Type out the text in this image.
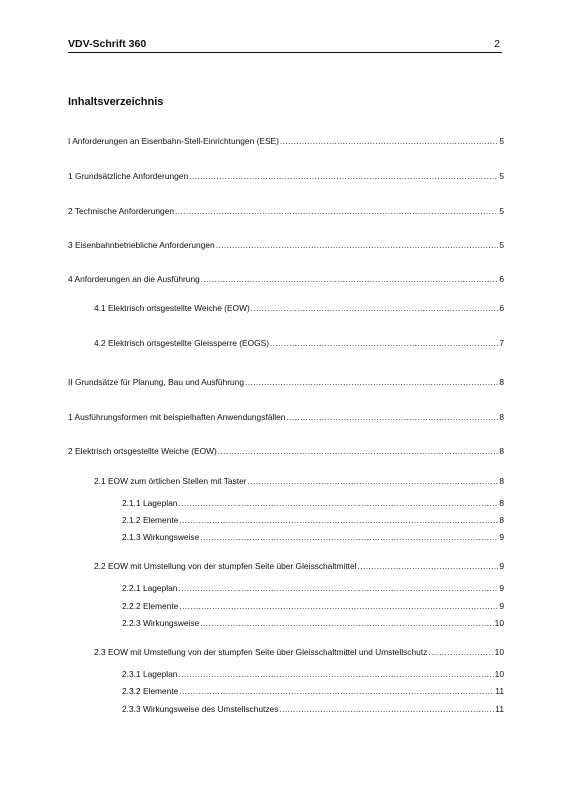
VDV-Schrift 360	2
Inhaltsverzeichnis
I Anforderungen an Eisenbahn-Stell-Einrichtungen (ESE) .....	5
1 Grundsätzliche Anforderungen .....	5
2 Technische Anforderungen .....	5
3 Eisenbahnbetriebliche Anforderungen .....	5
4 Anforderungen an die Ausführung .....	6
4.1 Elektrisch ortsgestellte Weiche (EOW) .....	6
4.2 Elektrisch ortsgestellte Gleissperre (EOGS) .....	7
II Grundsätze für Planung, Bau und Ausführung .....	8
1 Ausführungsformen mit beispielhaften Anwendungsfällen .....	8
2 Elektrisch ortsgestellte Weiche (EOW) .....	8
2.1 EOW zum örtlichen Stellen mit Taster .....	8
2.1.1 Lageplan .....	8
2.1.2 Elemente .....	8
2.1.3 Wirkungsweise .....	9
2.2 EOW mit Umstellung von der stumpfen Seite über Gleisschaltmittel .....	9
2.2.1 Lageplan .....	9
2.2.2 Elemente .....	9
2.2.3 Wirkungsweise .....	10
2.3 EOW mit Umstellung von der stumpfen Seite über Gleisschaltmittel und Umstellschutz .....	10
2.3.1 Lageplan .....	10
2.3.2 Elemente .....	11
2.3.3 Wirkungsweise des Umstellschutzes .....	11
